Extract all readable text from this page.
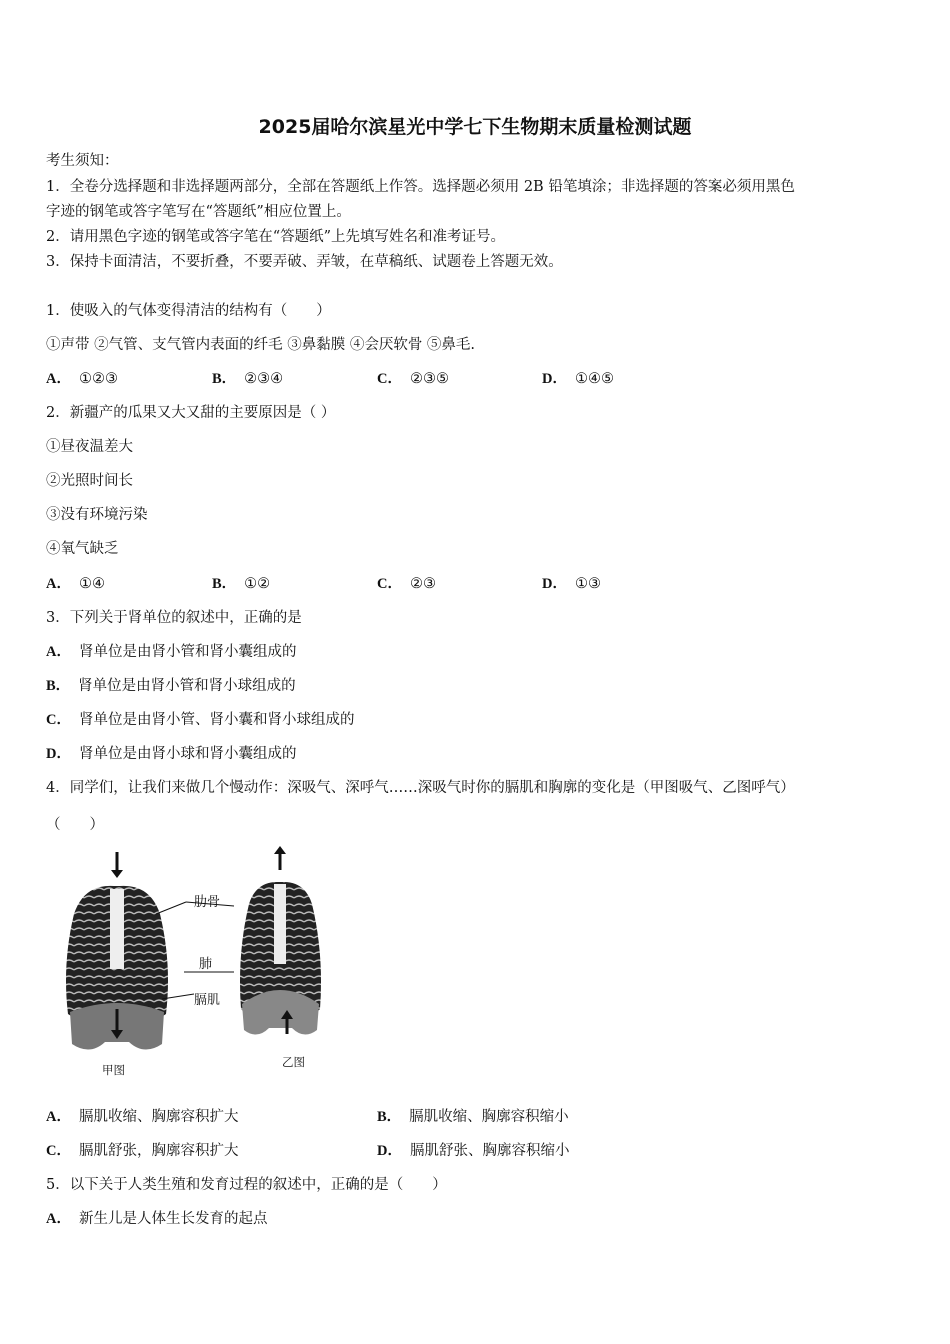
2025届哈尔滨星光中学七下生物期末质量检测试题
考生须知：
1．全卷分选择题和非选择题两部分，全部在答题纸上作答。选择题必须用 2B 铅笔填涂；非选择题的答案必须用黑色
字迹的钢笔或答字笔写在“答题纸”相应位置上。
2．请用黑色字迹的钢笔或答字笔在“答题纸”上先填写姓名和准考证号。
3．保持卡面清洁，不要折叠，不要弄破、弄皱，在草稿纸、试题卷上答题无效。
1．使吸入的气体变得清洁的结构有（　　）
①声带 ②气管、支气管内表面的纤毛 ③鼻黏膜 ④会厌软骨 ⑤鼻毛.
A． ①②③	B． ②③④	C． ②③⑤	D． ①④⑤
2．新疆产的瓜果又大又甜的主要原因是（ ）
①昼夜温差大
②光照时间长
③没有环境污染
④氧气缺乏
A． ①④	B． ①②	C． ②③	D． ①③
3．下列关于肾单位的叙述中，正确的是
A． 肾单位是由肾小管和肾小囊组成的
B． 肾单位是由肾小管和肾小球组成的
C． 肾单位是由肾小管、肾小囊和肾小球组成的
D． 肾单位是由肾小球和肾小囊组成的
4．同学们，让我们来做几个慢动作：深吸气、深呼气……深吸气时你的膈肌和胸廓的变化是（甲图吸气、乙图呼气）
（　　）
肋骨
肺
膈肌
甲图
乙图
A． 膈肌收缩、胸廓容积扩大	B． 膈肌收缩、胸廓容积缩小
C． 膈肌舒张，胸廓容积扩大	D． 膈肌舒张、胸廓容积缩小
5．以下关于人类生殖和发育过程的叙述中，正确的是（　　）
A． 新生儿是人体生长发育的起点
